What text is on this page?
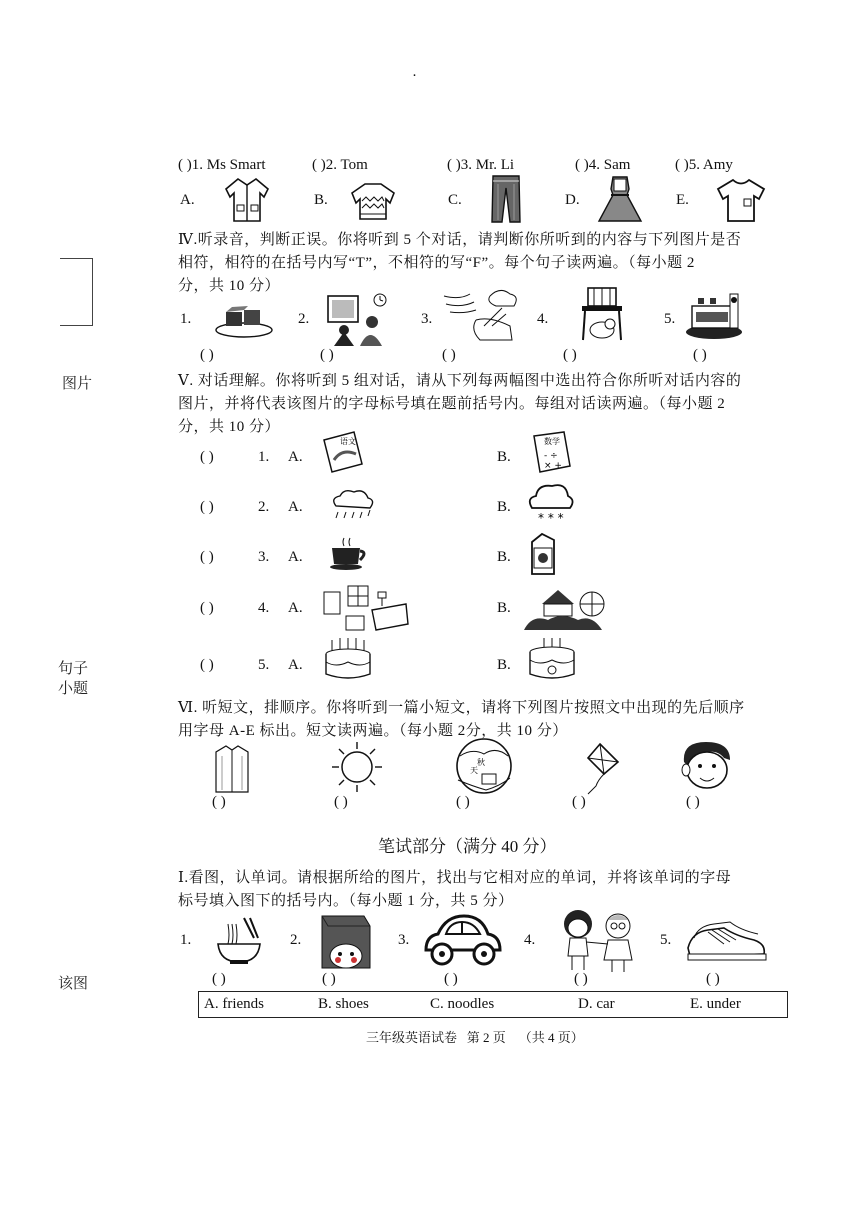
·
图片
句子
小题
该图
( )1. Ms Smart	( )2. Tom	( )3. Mr. Li	( )4. Sam	( )5. Amy
A.	B.	C.	D.	E.
Ⅳ.听录音，判断正误。你将听到 5 个对话，请判断你所听到的内容与下列图片是否
相符，相符的在括号内写“T”，不相符的写“F”。每个句子读两遍。（每小题 2
分，共 10 分）
1.	2.	3.	4.	5.
( )	( )	( )	( )	( )
Ⅴ. 对话理解。你将听到 5 组对话，请从下列每两幅图中选出符合你所听对话内容的
图片，并将代表该图片的字母标号填在题前括号内。每组对话读两遍。（每小题 2
分，共 10 分）
( )	1. A.
语文
B.
数学
- ÷
× +
( )	2. A.	B.
* * *
( )	3. A.	B.
( )	4. A.	B.
( )	5. A.	B.
Ⅵ. 听短文，排顺序。你将听到一篇小短文，请将下列图片按照文中出现的先后顺序
用字母 A-E 标出。短文读两遍。（每小题 2分，共 10 分）
秋
天
( )	( )	( )	( )	( )
笔试部分（满分 40 分）
Ⅰ.看图，认单词。请根据所给的图片，找出与它相对应的单词，并将该单词的字母
标号填入图下的括号内。（每小题 1 分，共 5 分）
1.	2.	3.	4.	5.
( )	( )	( )	( )	( )
A. friends	B. shoes	C. noodles	D. car	E. under
三年级英语试卷   第 2 页    （共 4 页）
